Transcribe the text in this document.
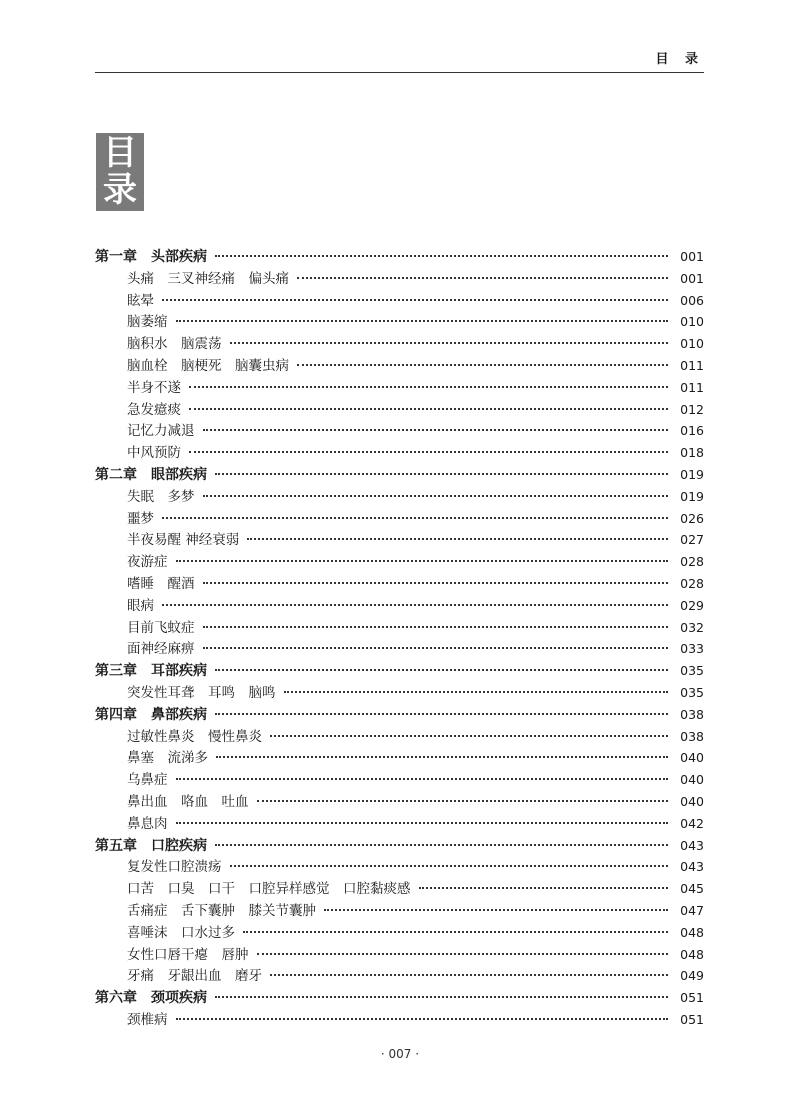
目 录
目
录
第一章　头部疾病	001
头痛　三叉神经痛　偏头痛	001
眩晕	006
脑萎缩	010
脑积水　脑震荡	010
脑血栓　脑梗死　脑囊虫病	011
半身不遂	011
急发癔痰	012
记忆力减退	016
中风预防	018
第二章　眼部疾病	019
失眠　多梦	019
噩梦	026
半夜易醒 神经衰弱	027
夜游症	028
嗜睡　醒酒	028
眼病	029
目前飞蚊症	032
面神经麻痹	033
第三章　耳部疾病	035
突发性耳聋　耳鸣　脑鸣	035
第四章　鼻部疾病	038
过敏性鼻炎　慢性鼻炎	038
鼻塞　流涕多	040
乌鼻症	040
鼻出血　咯血　吐血	040
鼻息肉	042
第五章　口腔疾病	043
复发性口腔溃疡	043
口苦　口臭　口干　口腔异样感觉　口腔黏痰感	045
舌痛症　舌下囊肿　膝关节囊肿	047
喜唾沫　口水过多	048
女性口唇干瘪　唇肿	048
牙痛　牙龈出血　磨牙	049
第六章　颈项疾病	051
颈椎病	051
· 007 ·
